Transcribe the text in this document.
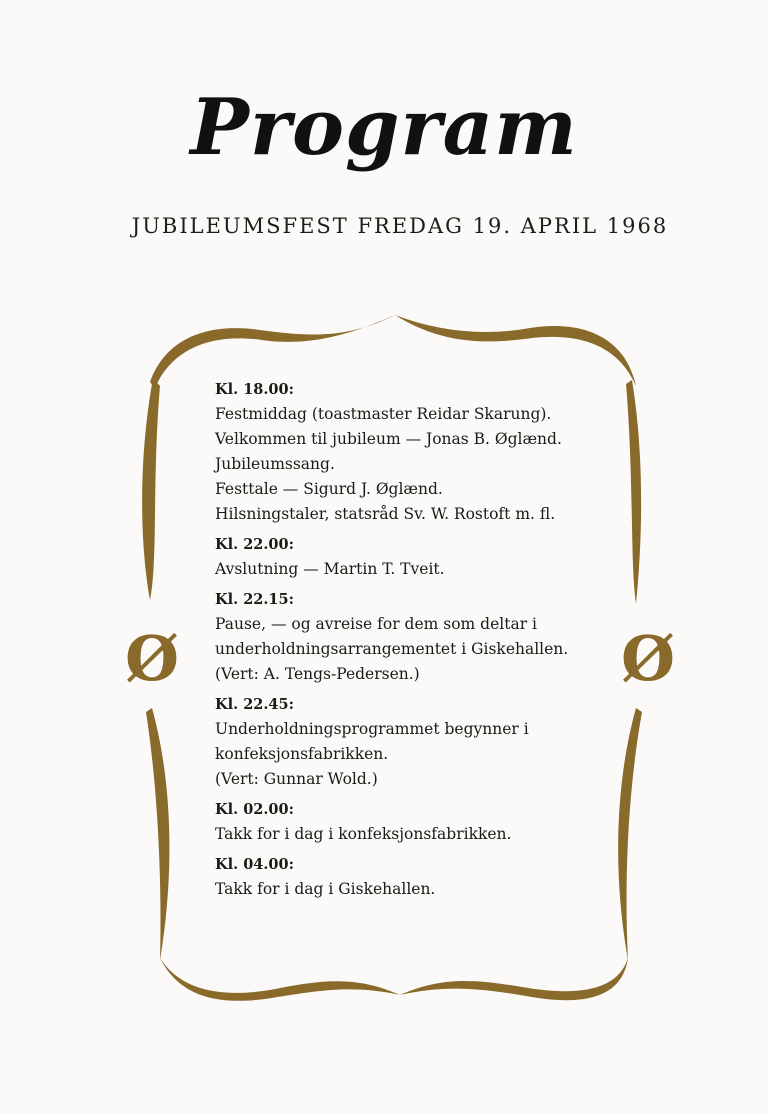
Program
JUBILEUMSFEST FREDAG 19. APRIL 1968
Ø	Ø
Kl. 18.00:
Festmiddag (toastmaster Reidar Skarung).
Velkommen til jubileum — Jonas B. Øglænd.
Jubileumssang.
Festtale — Sigurd J. Øglænd.
Hilsningstaler, statsråd Sv. W. Rostoft m. fl.
Kl. 22.00:
Avslutning — Martin T. Tveit.
Kl. 22.15:
Pause, — og avreise for dem som deltar i
underholdningsarrangementet i Giskehallen.
(Vert: A. Tengs-Pedersen.)
Kl. 22.45:
Underholdningsprogrammet begynner i
konfeksjonsfabrikken.
(Vert: Gunnar Wold.)
Kl. 02.00:
Takk for i dag i konfeksjonsfabrikken.
Kl. 04.00:
Takk for i dag i Giskehallen.
